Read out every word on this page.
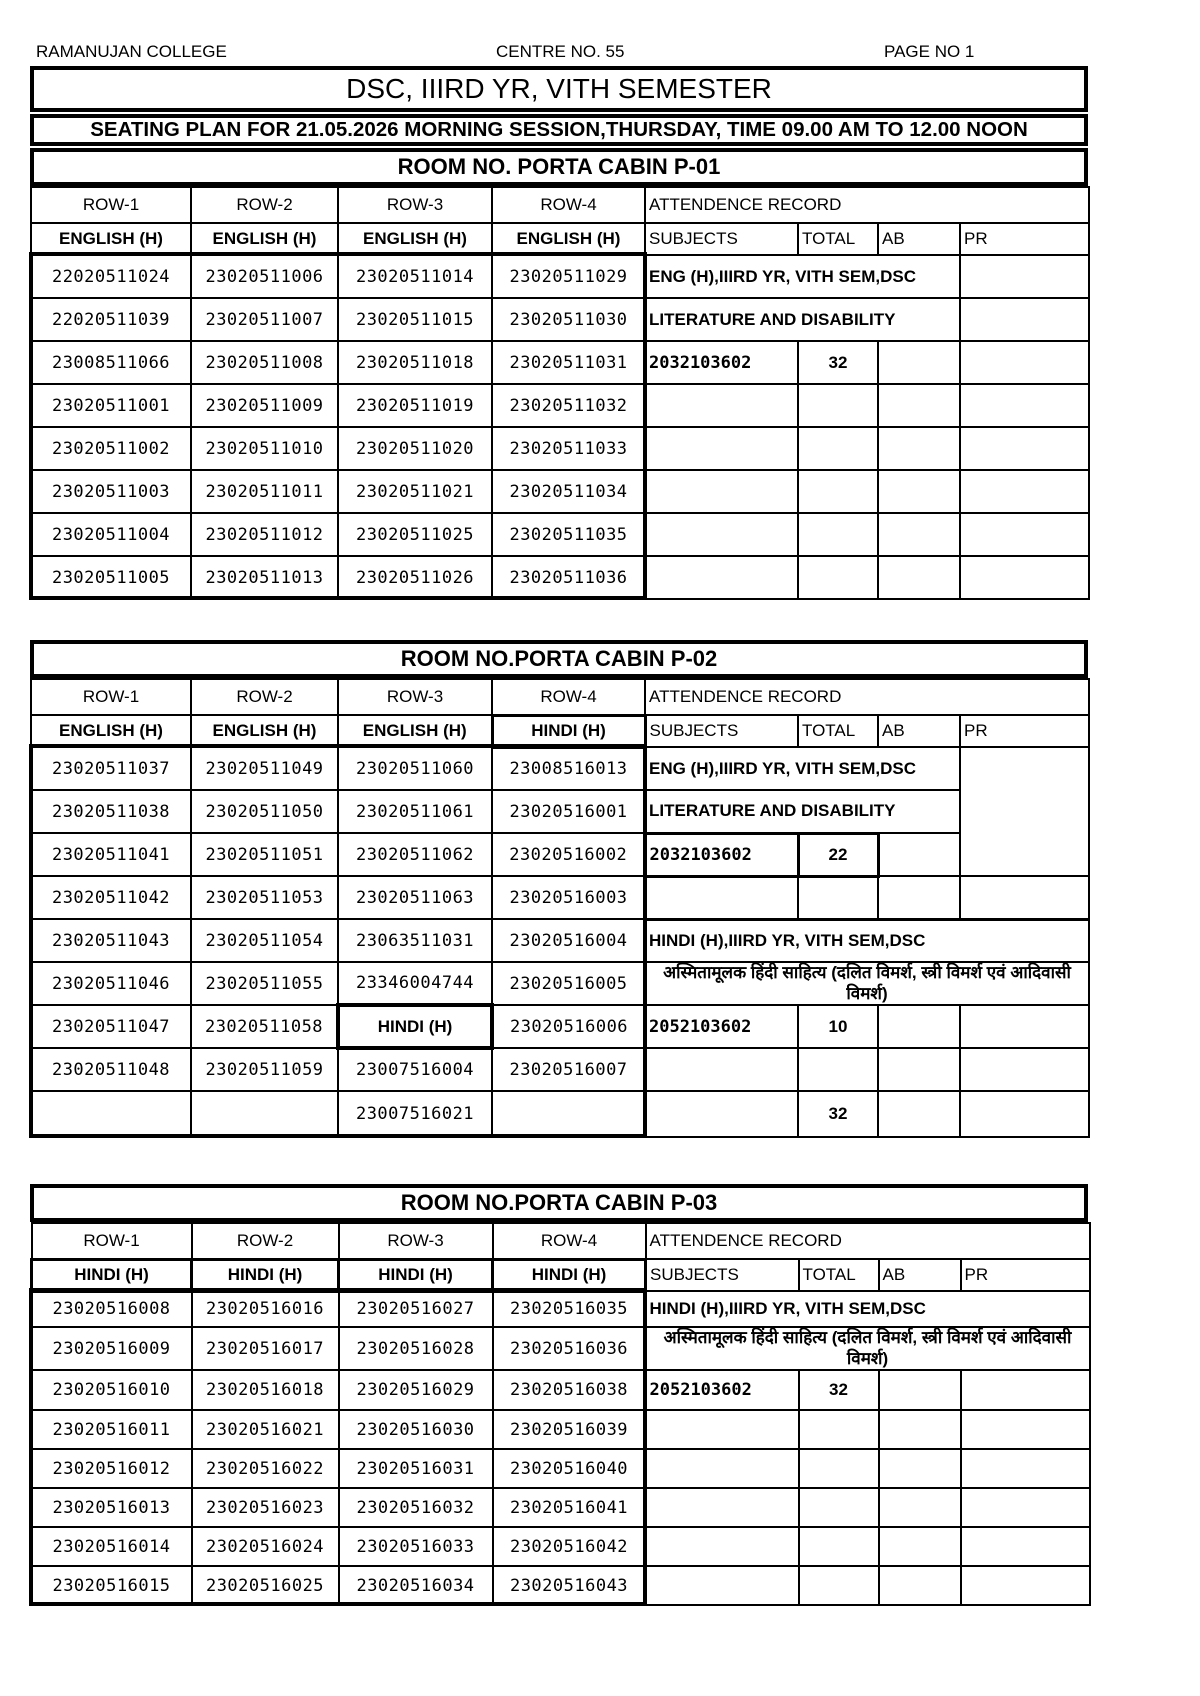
RAMANUJAN COLLEGE	CENTRE NO. 55	PAGE NO 1
DSC, IIIRD YR, VITH SEMESTER
SEATING PLAN FOR 21.05.2026 MORNING SESSION,THURSDAY, TIME 09.00 AM TO 12.00 NOON
ROOM NO. PORTA CABIN P-01
ROW-1	ROW-2	ROW-3	ROW-4	ATTENDENCE RECORD			
ENGLISH (H)	ENGLISH (H)	ENGLISH (H)	ENGLISH (H)	SUBJECTS	TOTAL	AB	PR
22020511024	23020511006	23020511014	23020511029	ENG (H),IIIRD YR, VITH SEM,DSC			
22020511039	23020511007	23020511015	23020511030	LITERATURE AND DISABILITY			
23008511066	23020511008	23020511018	23020511031	2032103602	32		
23020511001	23020511009	23020511019	23020511032				
23020511002	23020511010	23020511020	23020511033				
23020511003	23020511011	23020511021	23020511034				
23020511004	23020511012	23020511025	23020511035				
23020511005	23020511013	23020511026	23020511036				
ROOM NO.PORTA CABIN P-02
ROW-1	ROW-2	ROW-3	ROW-4	ATTENDENCE RECORD			
ENGLISH (H)	ENGLISH (H)	ENGLISH (H)	HINDI (H)	SUBJECTS	TOTAL	AB	PR
23020511037	23020511049	23020511060	23008516013	ENG (H),IIIRD YR, VITH SEM,DSC			
23020511038	23020511050	23020511061	23020516001	LITERATURE AND DISABILITY			
23020511041	23020511051	23020511062	23020516002	2032103602	22		
23020511042	23020511053	23020511063	23020516003				
23020511043	23020511054	23063511031	23020516004	HINDI (H),IIIRD YR, VITH SEM,DSC			
23020511046	23020511055	23346004744	23020516005	अस्मितामूलक हिंदी साहित्य (दलित विमर्श, स्त्री विमर्श एवं आदिवासी विमर्श)			
23020511047	23020511058	HINDI (H)	23020516006	2052103602	10		
23020511048	23020511059	23007516004	23020516007				
		23007516021			32		
ROOM NO.PORTA CABIN P-03
ROW-1	ROW-2	ROW-3	ROW-4	ATTENDENCE RECORD			
HINDI (H)	HINDI (H)	HINDI (H)	HINDI (H)	SUBJECTS	TOTAL	AB	PR
23020516008	23020516016	23020516027	23020516035	HINDI (H),IIIRD YR, VITH SEM,DSC			
23020516009	23020516017	23020516028	23020516036	अस्मितामूलक हिंदी साहित्य (दलित विमर्श, स्त्री विमर्श एवं आदिवासी विमर्श)			
23020516010	23020516018	23020516029	23020516038	2052103602	32		
23020516011	23020516021	23020516030	23020516039				
23020516012	23020516022	23020516031	23020516040				
23020516013	23020516023	23020516032	23020516041				
23020516014	23020516024	23020516033	23020516042				
23020516015	23020516025	23020516034	23020516043				
